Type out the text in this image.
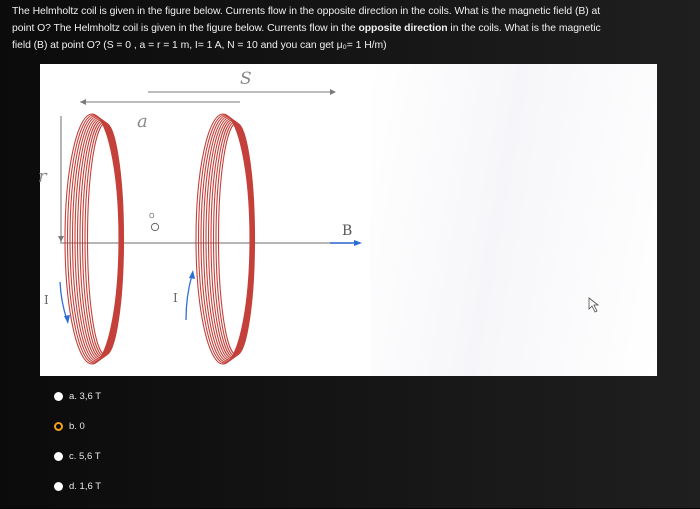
The Helmholtz coil is given in the figure below. Currents flow in the opposite direction in the coils. What is the magnetic field (B) at
point O? The Helmholtz coil is given in the figure below. Currents flow in the opposite direction in the coils. What is the magnetic
field (B) at point O? (S = 0 , a = r = 1 m, I= 1 A, N = 10 and you can get μ₀= 1 H/m)
S
a
r
B
O
I	I
a. 3,6 T
b. 0
c. 5,6 T
d. 1,6 T
